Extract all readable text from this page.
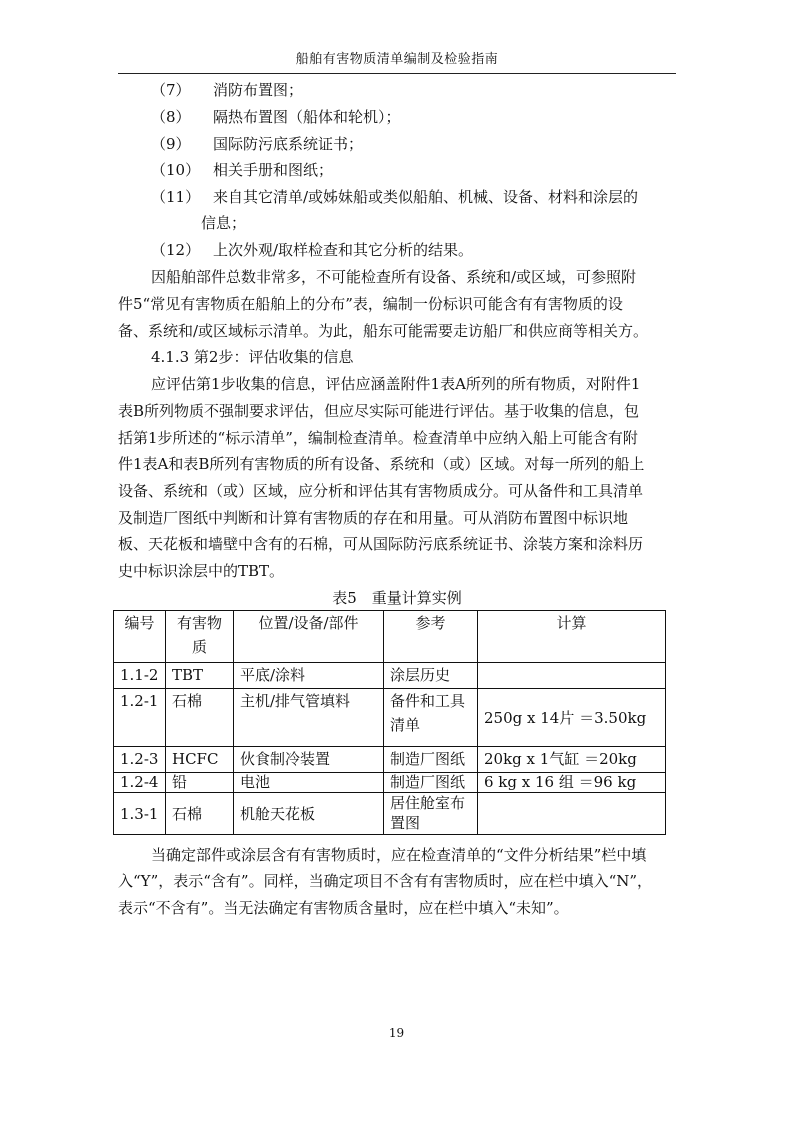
船舶有害物质清单编制及检验指南
（7） 消防布置图；
（8） 隔热布置图（船体和轮机）；
（9） 国际防污底系统证书；
（10） 相关手册和图纸；
（11） 来自其它清单/或姊妹船或类似船舶、机械、设备、材料和涂层的
信息；
（12） 上次外观/取样检查和其它分析的结果。
因船舶部件总数非常多，不可能检查所有设备、系统和/或区域，可参照附
件5“常见有害物质在船舶上的分布”表，编制一份标识可能含有有害物质的设
备、系统和/或区域标示清单。为此，船东可能需要走访船厂和供应商等相关方。
4.1.3 第2步：评估收集的信息
应评估第1步收集的信息，评估应涵盖附件1表A所列的所有物质，对附件1
表B所列物质不强制要求评估，但应尽实际可能进行评估。基于收集的信息，包
括第1步所述的“标示清单”，编制检查清单。检查清单中应纳入船上可能含有附
件1表A和表B所列有害物质的所有设备、系统和（或）区域。对每一所列的船上
设备、系统和（或）区域，应分析和评估其有害物质成分。可从备件和工具清单
及制造厂图纸中判断和计算有害物质的存在和用量。可从消防布置图中标识地
板、天花板和墙壁中含有的石棉，可从国际防污底系统证书、涂装方案和涂料历
史中标识涂层中的TBT。
表5　重量计算实例
编号	有害物质	位置/设备/部件	参考	计算
1.1-2	TBT	平底/涂料	涂层历史	
1.2-1	石棉	主机/排气管填料	备件和工具清单	250g x 14片 ＝3.50kg
1.2-3	HCFC	伙食制冷装置	制造厂图纸	20kg x 1气缸 ＝20kg
1.2-4	铅	电池	制造厂图纸	6 kg x 16 组 ＝96 kg
1.3-1	石棉	机舱天花板	居住舱室布置图	
当确定部件或涂层含有有害物质时，应在检查清单的“文件分析结果”栏中填
入“Y”，表示“含有”。同样，当确定项目不含有有害物质时，应在栏中填入“N”，
表示“不含有”。当无法确定有害物质含量时，应在栏中填入“未知”。
19
